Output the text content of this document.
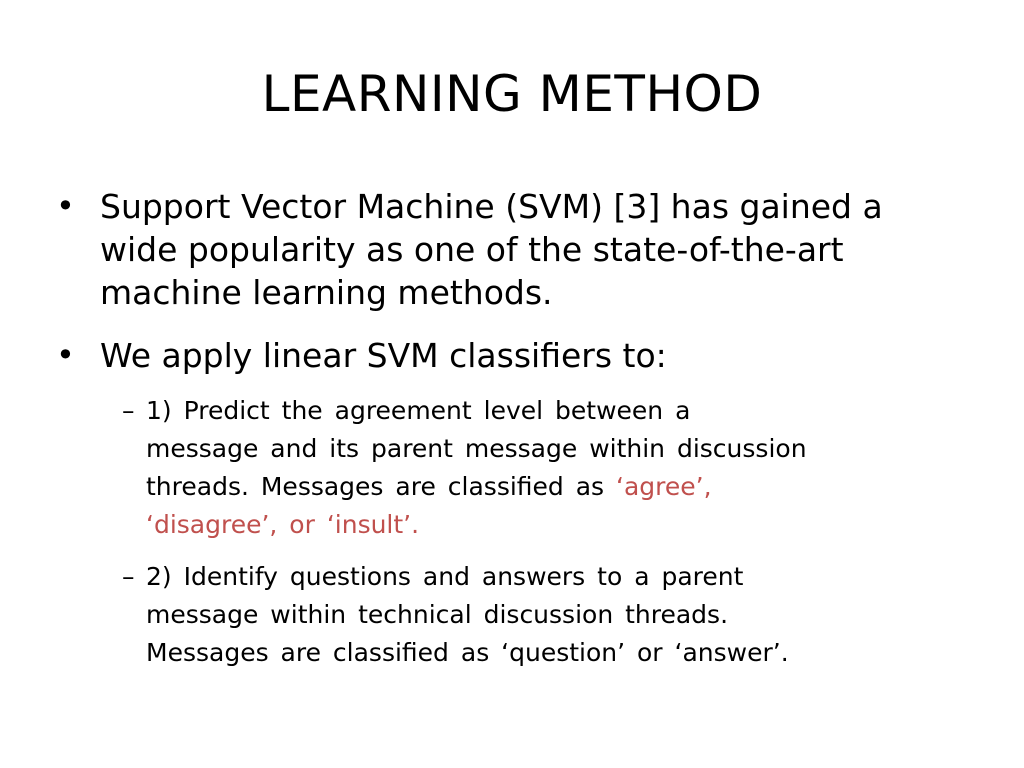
LEARNING METHOD
• Support Vector Machine (SVM) [3] has gained a wide popularity as one of the state-of-the-art machine learning methods.
• We apply linear SVM classifiers to:
– 1) Predict the agreement level between a
message and its parent message within discussion
threads. Messages are classified as ‘agree’,
‘disagree’, or ‘insult’.
– 2) Identify questions and answers to a parent
message within technical discussion threads.
Messages are classified as ‘question’ or ‘answer’.
